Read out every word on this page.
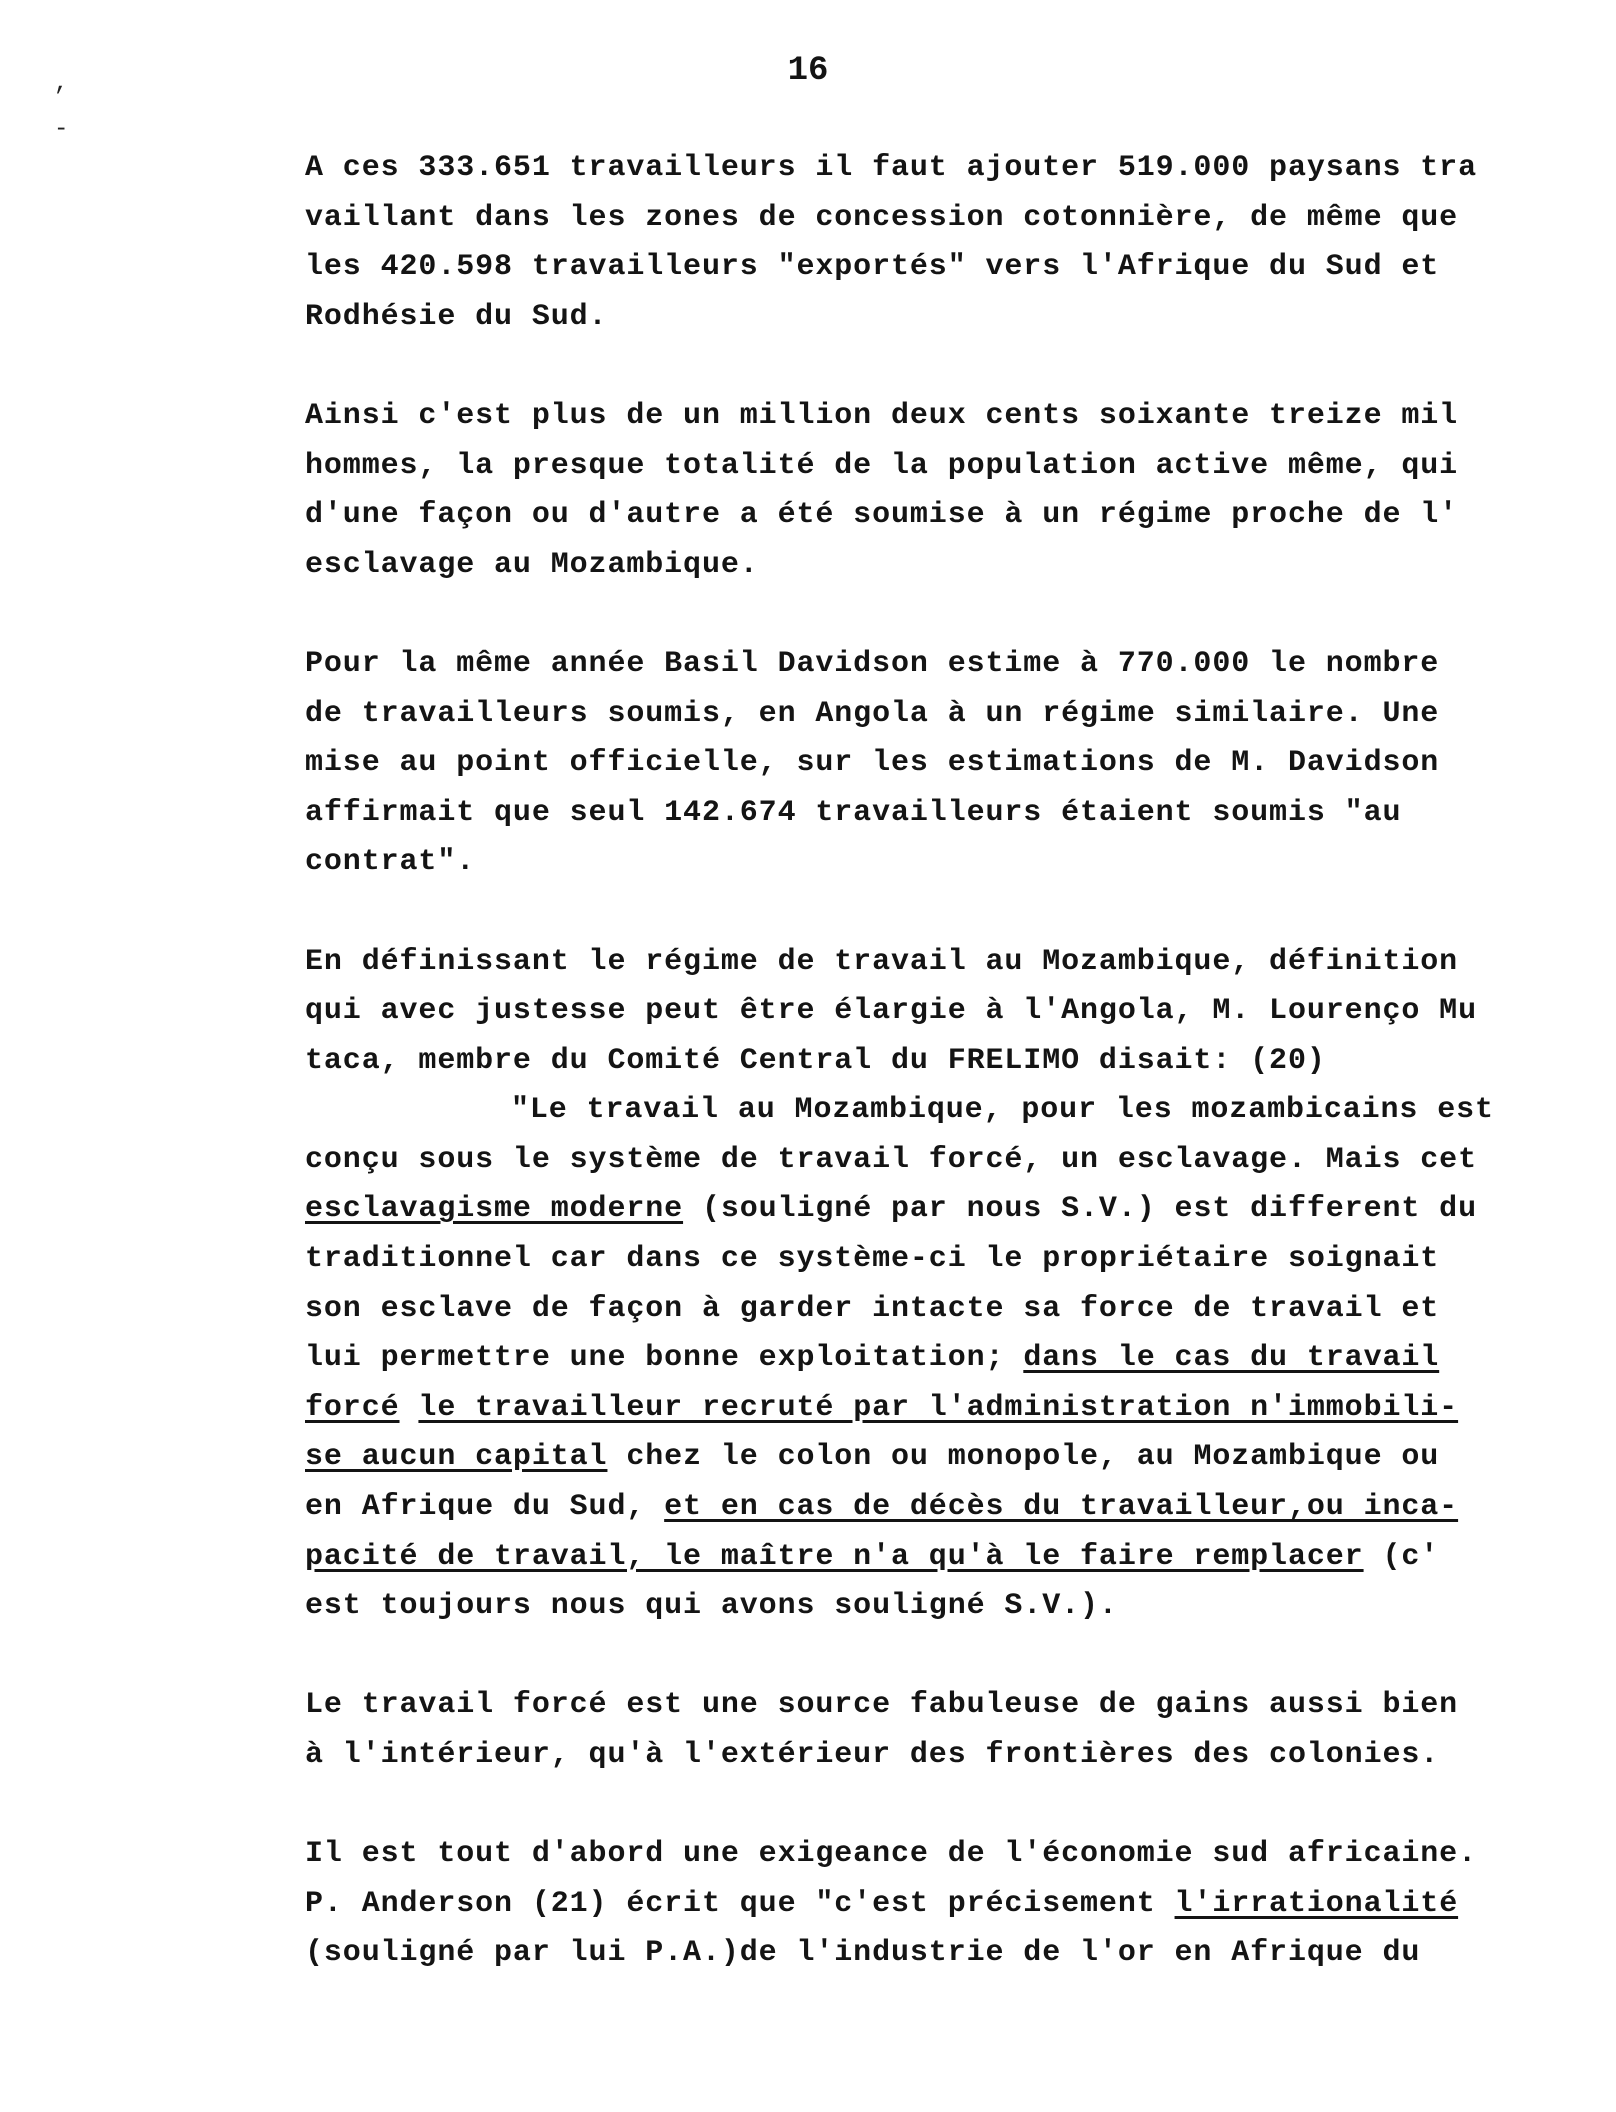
16
,
-

A ces 333.651 travailleurs il faut ajouter 519.000 paysans tra
vaillant dans les zones de concession cotonnière, de même que
les 420.598 travailleurs "exportés" vers l'Afrique du Sud et
Rodhésie du Sud.

Ainsi c'est plus de un million deux cents soixante treize mil
hommes, la presque totalité de la population active même, qui
d'une façon ou d'autre a été soumise à un régime proche de l'
esclavage au Mozambique.

Pour la même année Basil Davidson estime à 770.000 le nombre
de travailleurs soumis, en Angola à un régime similaire. Une
mise au point officielle, sur les estimations de M. Davidson
affirmait que seul 142.674 travailleurs étaient soumis "au
contrat".

En définissant le régime de travail au Mozambique, définition
qui avec justesse peut être élargie à l'Angola, M. Lourenço Mu
taca, membre du Comité Central du FRELIMO disait: (20)
"Le travail au Mozambique, pour les mozambicains est
conçu sous le système de travail forcé, un esclavage. Mais cet
esclavagisme moderne (souligné par nous S.V.) est different du
traditionnel car dans ce système-ci le propriétaire soignait
son esclave de façon à garder intacte sa force de travail et
lui permettre une bonne exploitation; dans le cas du travail
forcé le travailleur recruté par l'administration n'immobili-
se aucun capital chez le colon ou monopole, au Mozambique ou
en Afrique du Sud, et en cas de décès du travailleur,ou inca-
pacité de travail, le maître n'a qu'à le faire remplacer (c'
est toujours nous qui avons souligné S.V.).

Le travail forcé est une source fabuleuse de gains aussi bien
à l'intérieur, qu'à l'extérieur des frontières des colonies.

Il est tout d'abord une exigeance de l'économie sud africaine.
P. Anderson (21) écrit que "c'est précisement l'irrationalité
(souligné par lui P.A.)de l'industrie de l'or en Afrique du
